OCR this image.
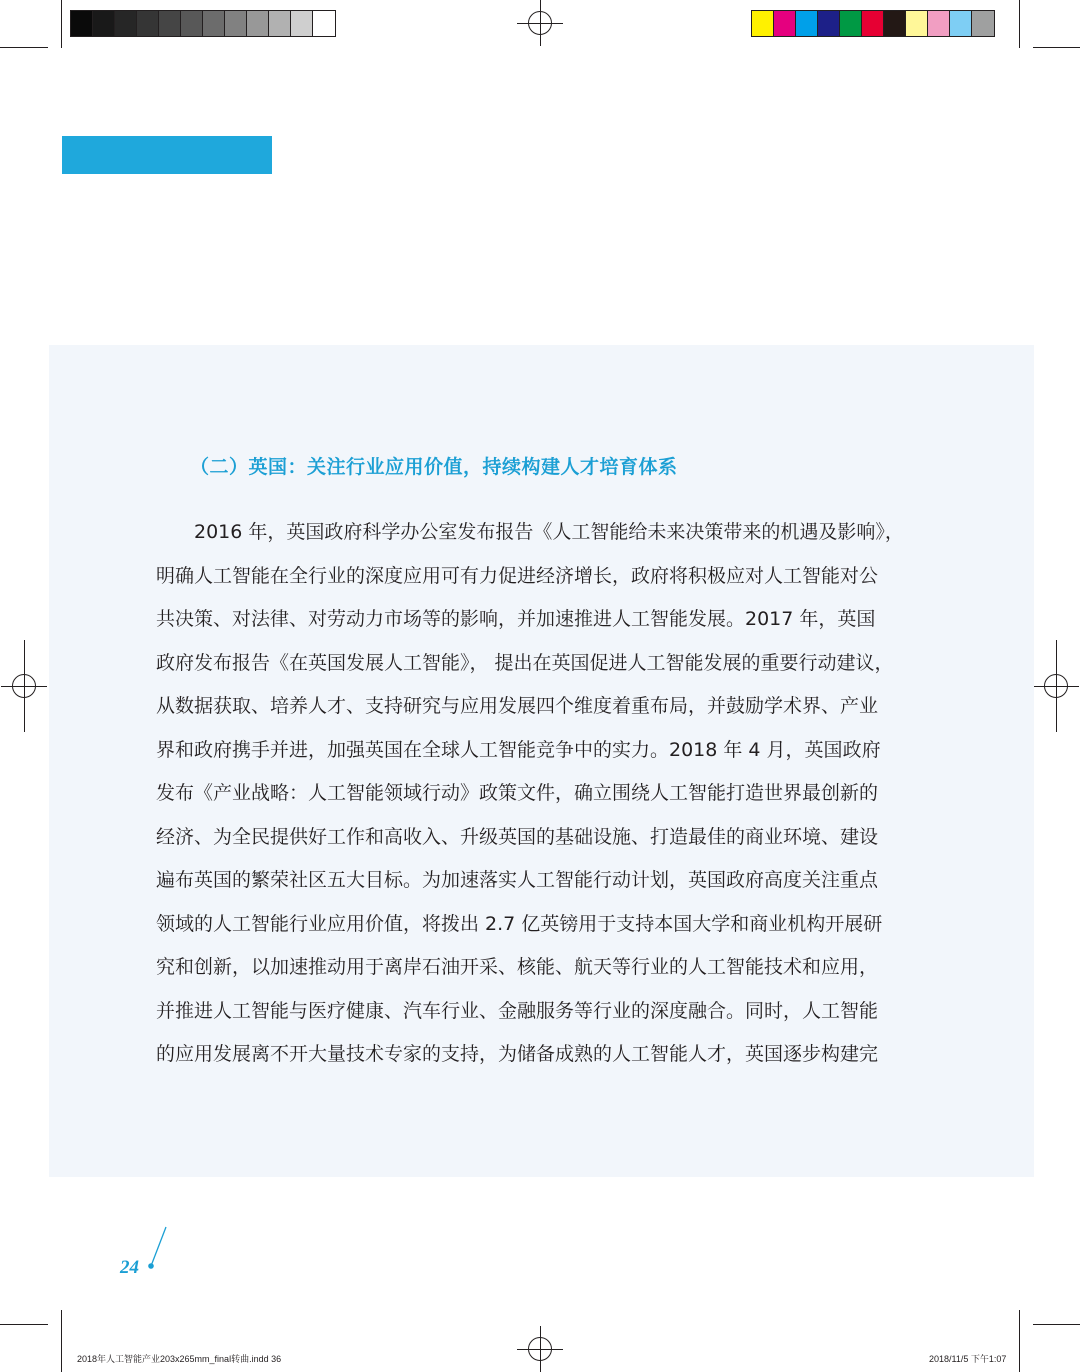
（二）英国：关注行业应用价值，持续构建人才培育体系
2016 年，英国政府科学办公室发布报告《人工智能给未来决策带来的机遇及影响》，
明确人工智能在全行业的深度应用可有力促进经济增长，政府将积极应对人工智能对公
共决策、对法律、对劳动力市场等的影响，并加速推进人工智能发展。2017 年，英国
政府发布报告《在英国发展人工智能》， 提出在英国促进人工智能发展的重要行动建议，
从数据获取、培养人才、支持研究与应用发展四个维度着重布局，并鼓励学术界、产业
界和政府携手并进，加强英国在全球人工智能竞争中的实力。2018 年 4 月，英国政府
发布《产业战略：人工智能领域行动》政策文件，确立围绕人工智能打造世界最创新的
经济、为全民提供好工作和高收入、升级英国的基础设施、打造最佳的商业环境、建设
遍布英国的繁荣社区五大目标。为加速落实人工智能行动计划，英国政府高度关注重点
领域的人工智能行业应用价值，将拨出 2.7 亿英镑用于支持本国大学和商业机构开展研
究和创新，以加速推动用于离岸石油开采、核能、航天等行业的人工智能技术和应用，
并推进人工智能与医疗健康、汽车行业、金融服务等行业的深度融合。同时，人工智能
的应用发展离不开大量技术专家的支持，为储备成熟的人工智能人才，英国逐步构建完
24
2018年人工智能产业203x265mm_final转曲.indd 36	2018/11/5 下午1:07
